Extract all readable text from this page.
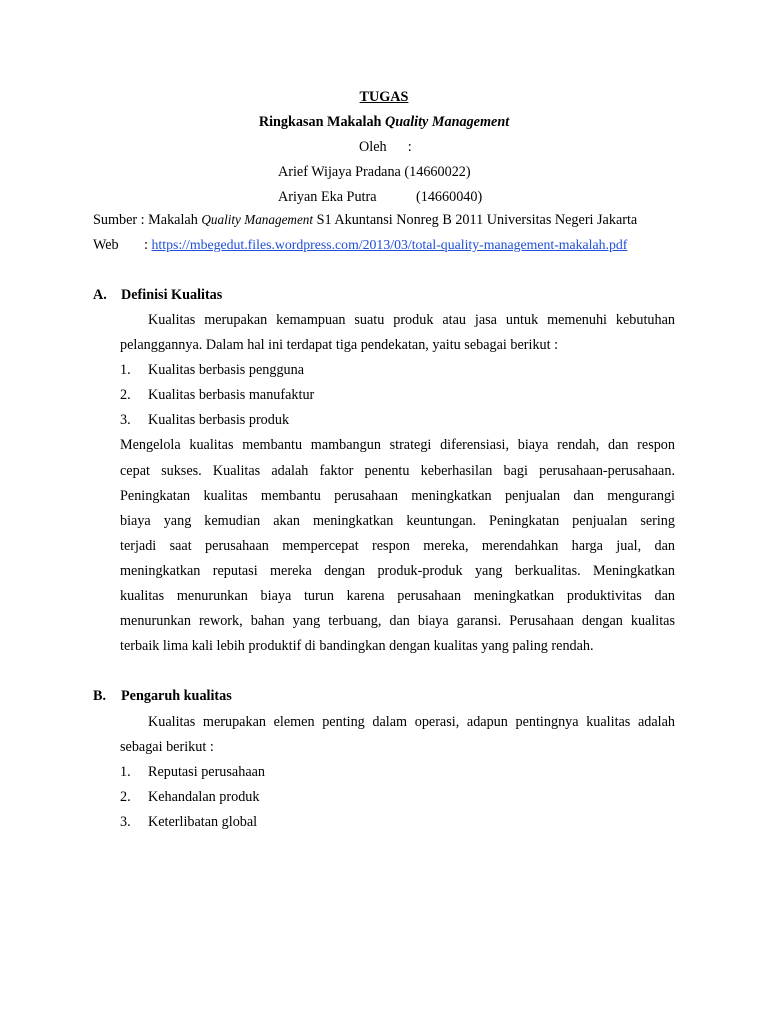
TUGAS
Ringkasan Makalah Quality Management
Oleh :
Arief Wijaya Pradana (14660022)
Ariyan Eka Putra	(14660040)
Sumber : Makalah Quality Management S1 Akuntansi Nonreg B 2011 Universitas Negeri Jakarta
Web : https://mbegedut.files.wordpress.com/2013/03/total-quality-management-makalah.pdf
A. Definisi Kualitas
Kualitas merupakan kemampuan suatu produk atau jasa untuk memenuhi kebutuhan
pelanggannya. Dalam hal ini terdapat tiga pendekatan, yaitu sebagai berikut :
1. Kualitas berbasis pengguna
2. Kualitas berbasis manufaktur
3. Kualitas berbasis produk
Mengelola kualitas membantu mambangun strategi diferensiasi, biaya rendah, dan respon
cepat sukses. Kualitas adalah faktor penentu keberhasilan bagi perusahaan-perusahaan.
Peningkatan kualitas membantu perusahaan meningkatkan penjualan dan mengurangi
biaya yang kemudian akan meningkatkan keuntungan. Peningkatan penjualan sering
terjadi saat perusahaan mempercepat respon mereka, merendahkan harga jual, dan
meningkatkan reputasi mereka dengan produk-produk yang berkualitas. Meningkatkan
kualitas menurunkan biaya turun karena perusahaan meningkatkan produktivitas dan
menurunkan rework, bahan yang terbuang, dan biaya garansi. Perusahaan dengan kualitas
terbaik lima kali lebih produktif di bandingkan dengan kualitas yang paling rendah.
B. Pengaruh kualitas
Kualitas merupakan elemen penting dalam operasi, adapun pentingnya kualitas adalah
sebagai berikut :
1. Reputasi perusahaan
2. Kehandalan produk
3. Keterlibatan global
